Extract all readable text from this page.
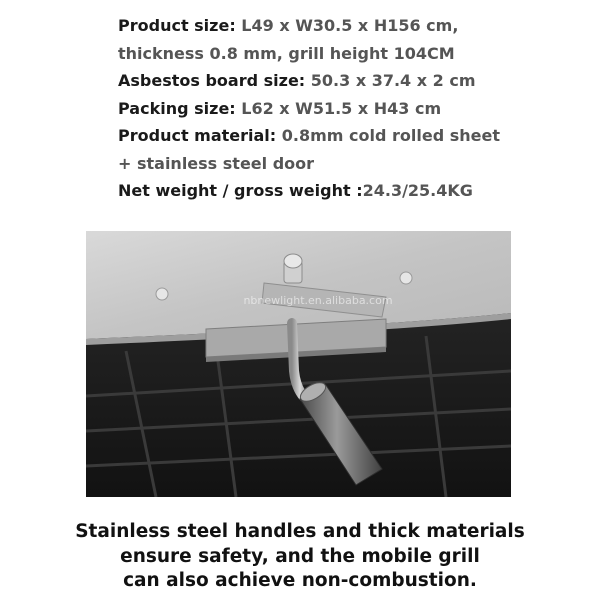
Product size: L49 x W30.5 x H156 cm,
thickness 0.8 mm, grill height 104CM
Asbestos board size: 50.3 x 37.4 x 2 cm
Packing size: L62 x W51.5 x H43 cm
Product material: 0.8mm cold rolled sheet
+ stainless steel door
Net weight / gross weight :24.3/25.4KG
nbnewlight.en.alibaba.com
Stainless steel handles and thick materials
ensure safety, and the mobile grill
can also achieve non-combustion.
